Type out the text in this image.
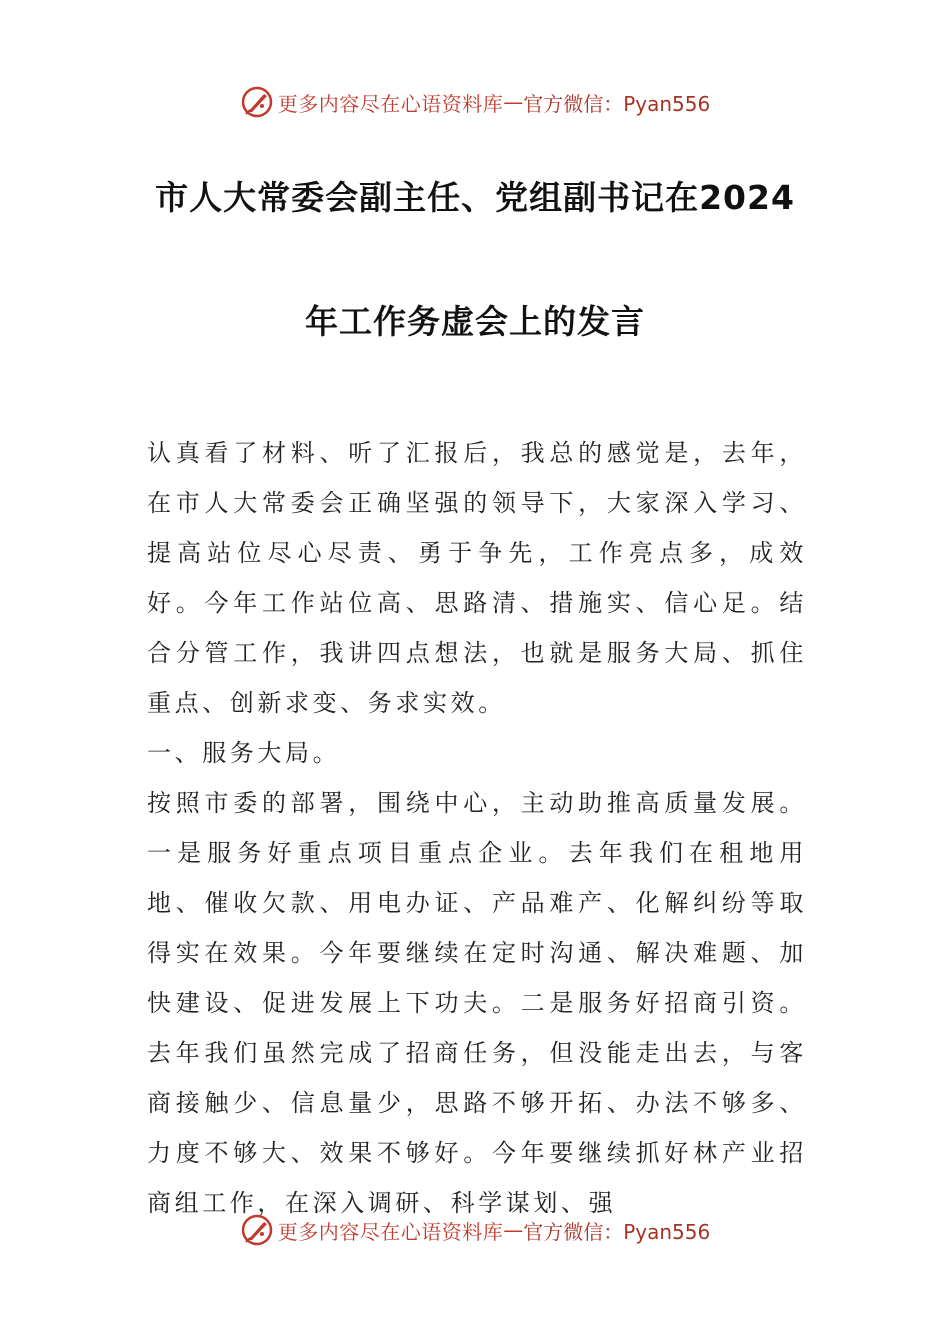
更多内容尽在心语资料库 — 官方微信：Pyan556
市人大常委会副主任、党组副书记在2024
年工作务虚会上的发言

认真看了材料、听了汇报后，我总的感觉是，去年，在市人大常委会正确坚强的领导下，大家深入学习、提高站位尽心尽责、勇于争先，工作亮点多，成效好。今年工作站位高、思路清、措施实、信心足。结合分管工作，我讲四点想法，也就是服务大局、抓住重点、创新求变、务求实效。

一、服务大局。

按照市委的部署，围绕中心，主动助推高质量发展。一是服务好重点项目重点企业。去年我们在租地用地、催收欠款、用电办证、产品难产、化解纠纷等取得实在效果。今年要继续在定时沟通、解决难题、加快建设、促进发展上下功夫。二是服务好招商引资。去年我们虽然完成了招商任务，但没能走出去，与客商接触少、信息量少，思路不够开拓、办法不够多、力度不够大、效果不够好。今年要继续抓好林产业招商组工作，在深入调研、科学谋划、强

更多内容尽在心语资料库 — 官方微信：Pyan556
